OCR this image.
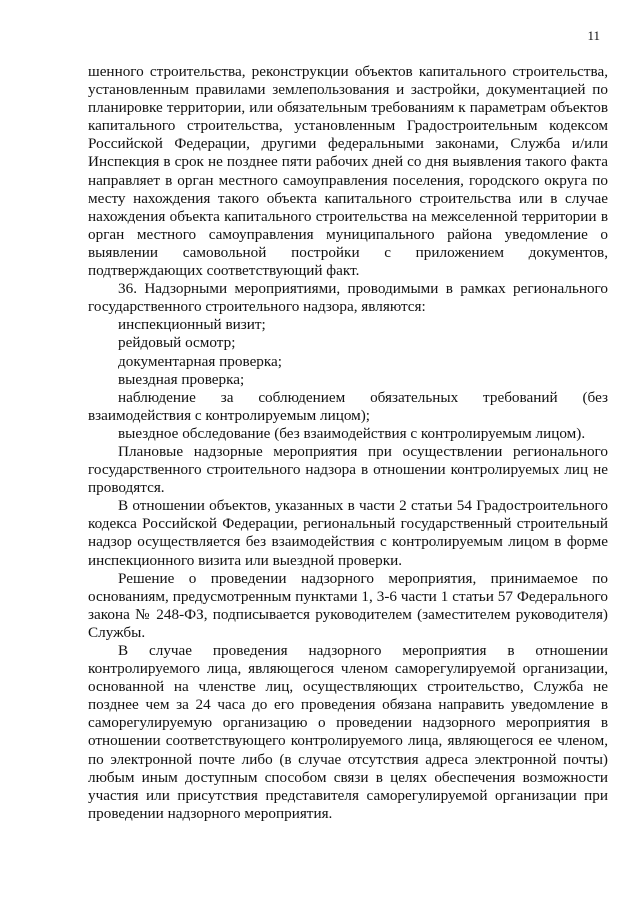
11

шенного строительства, реконструкции объектов капитального строительства, установленным правилами землепользования и застройки, документацией по планировке территории, или обязательным требованиям к параметрам объектов капитального строительства, установленным Градостроительным кодексом Российской Федерации, другими федеральными законами, Служба и/или Инспекция в срок не позднее пяти рабочих дней со дня выявления такого факта направляет в орган местного самоуправления поселения, городского округа по месту нахождения такого объекта капитального строительства или в случае нахождения объекта капитального строительства на межселенной территории в орган местного самоуправления муниципального района уведомление о выявлении самовольной постройки с приложением документов, подтверждающих соответствующий факт.

36. Надзорными мероприятиями, проводимыми в рамках регионального государственного строительного надзора, являются:

инспекционный визит;

рейдовый осмотр;

документарная проверка;

выездная проверка;

наблюдение за соблюдением обязательных требований (без взаимодействия с контролируемым лицом);

выездное обследование (без взаимодействия с контролируемым лицом).

Плановые надзорные мероприятия при осуществлении регионального государственного строительного надзора в отношении контролируемых лиц не проводятся.

В отношении объектов, указанных в части 2 статьи 54 Градостроительного кодекса Российской Федерации, региональный государственный строительный надзор осуществляется без взаимодействия с контролируемым лицом в форме инспекционного визита или выездной проверки.

Решение о проведении надзорного мероприятия, принимаемое по основаниям, предусмотренным пунктами 1, 3-6 части 1 статьи 57 Федерального закона № 248-ФЗ, подписывается руководителем (заместителем руководителя) Службы.

В случае проведения надзорного мероприятия в отношении контролируемого лица, являющегося членом саморегулируемой организации, основанной на членстве лиц, осуществляющих строительство, Служба не позднее чем за 24 часа до его проведения обязана направить уведомление в саморегулируемую организацию о проведении надзорного мероприятия в отношении соответствующего контролируемого лица, являющегося ее членом, по электронной почте либо (в случае отсутствия адреса электронной почты) любым иным доступным способом связи в целях обеспечения возможности участия или присутствия представителя саморегулируемой организации при проведении надзорного мероприятия.
